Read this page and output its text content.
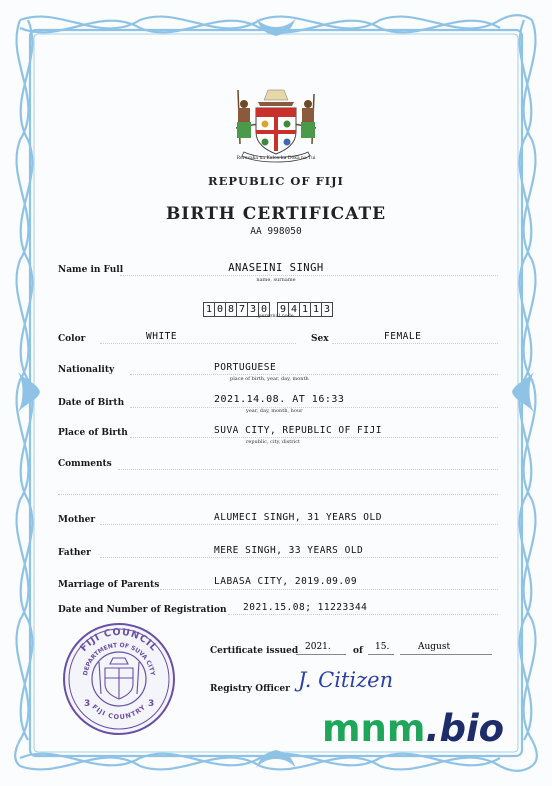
Rerevaka na Kalou ka Doka na Tui
REPUBLIC OF FIJI
BIRTH CERTIFICATE
AA 998050
Name in Full	ANASEINI SINGH
name, surname
1 0 8 7 3 0 9 4 1 1 3
personal code
Color	WHITE	Sex	FEMALE
Nationality	PORTUGUESE
place of birth, year, day, month
Date of Birth	2021.14.08. AT 16:33
year, day, month, hour
Place of Birth	SUVA CITY, REPUBLIC OF FIJI
republic, city, district
Comments
Mother	ALUMECI SINGH, 31 YEARS OLD
Father	MERE SINGH, 33 YEARS OLD
Marriage of Parents	LABASA CITY, 2019.09.09
Date and Number of Registration 2021.15.08; 11223344
Certificate issued 2021. of 15.	August
Registry Officer J. Citizen
FIJI COUNCIL
DEPARTMENT OF SUVA CITY
FIJI COUNTRY
3	3
mnm.bio
